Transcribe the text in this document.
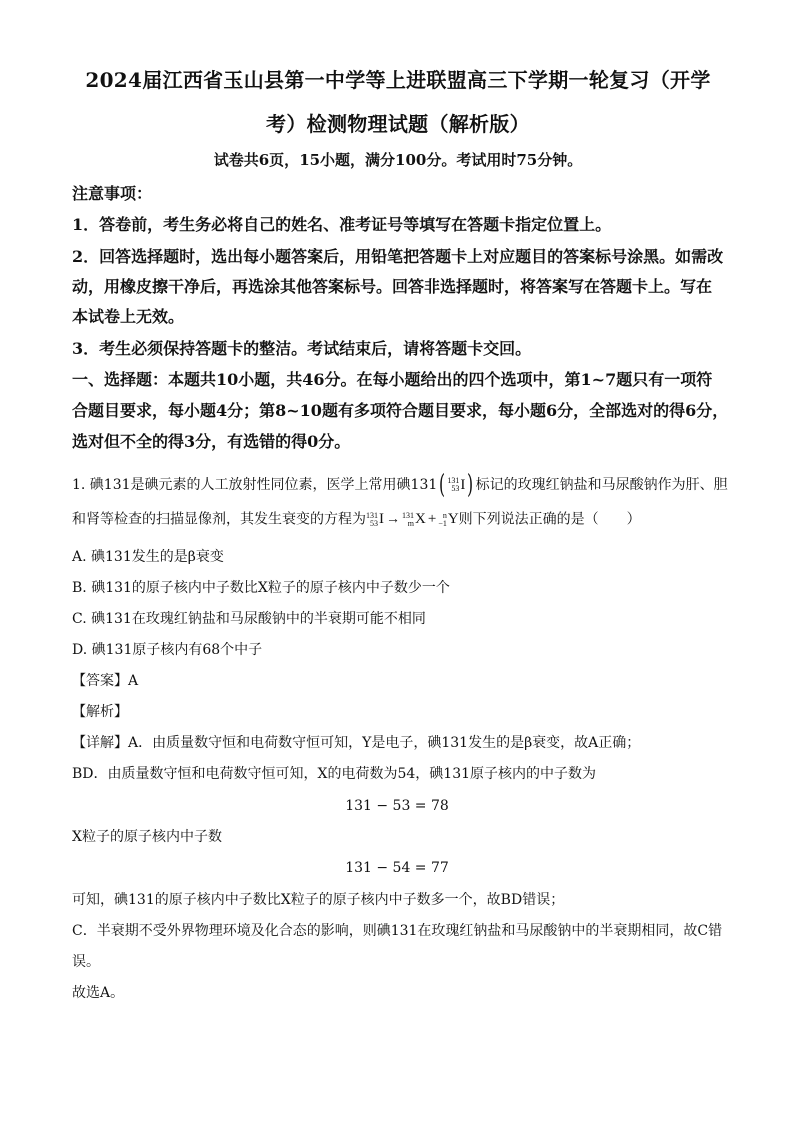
2024届江西省玉山县第一中学等上进联盟高三下学期一轮复习（开学
考）检测物理试题（解析版）
试卷共6页，15小题，满分100分。考试用时75分钟。
注意事项：
1．答卷前，考生务必将自己的姓名、准考证号等填写在答题卡指定位置上。
2．回答选择题时，选出每小题答案后，用铅笔把答题卡上对应题目的答案标号涂黑。如需改
动，用橡皮擦干净后，再选涂其他答案标号。回答非选择题时，将答案写在答题卡上。写在
本试卷上无效。
3．考生必须保持答题卡的整洁。考试结束后，请将答题卡交回。
一、选择题：本题共10小题，共46分。在每小题给出的四个选项中，第1~7题只有一项符
合题目要求，每小题4分；第8~10题有多项符合题目要求，每小题6分，全部选对的得6分，
选对但不全的得3分，有选错的得0分。
1. 碘131是碘元素的人工放射性同位素，医学上常用碘131( 131
53 I) 标记的玫瑰红钠盐和马尿酸钠作为肝、胆
和肾等检查的扫描显像剂，其发生衰变的方程为 131
53 I → 131
m X + n
−1 Y则下列说法正确的是（　　）
A. 碘131发生的是β衰变
B. 碘131的原子核内中子数比X粒子的原子核内中子数少一个
C. 碘131在玫瑰红钠盐和马尿酸钠中的半衰期可能不相同
D. 碘131原子核内有68个中子
【答案】A
【解析】
【详解】A．由质量数守恒和电荷数守恒可知，Y是电子，碘131发生的是β衰变，故A正确；
BD．由质量数守恒和电荷数守恒可知，X的电荷数为54，碘131原子核内的中子数为
131 − 53 = 78
X粒子的原子核内中子数
131 − 54 = 77
可知，碘131的原子核内中子数比X粒子的原子核内中子数多一个，故BD错误；
C．半衰期不受外界物理环境及化合态的影响，则碘131在玫瑰红钠盐和马尿酸钠中的半衰期相同，故C错
误。
故选A。
